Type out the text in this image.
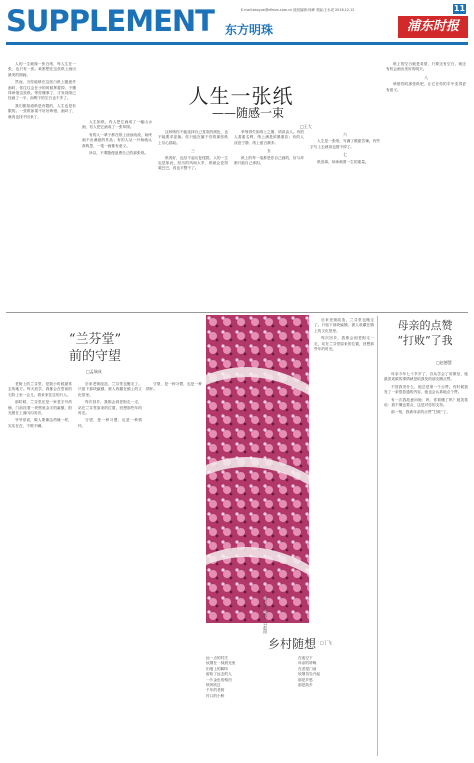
SUPPLEMENT 东方明珠
E-mail:zaoyue@dfmzx.com.cn 值班编辑:何峰 美编:王永成 2016.12.12	11
浦东时报

人的一生就像一张白纸，每人生在一张，也只有一张。谁都想在这张纸上画出最美的图画。

然而，当你能够在这张白纸上随意作画时，你往往会在小的时候挥霍掉，不懂得珍惜这张纸。等你懂事了，才发现纸已经画了一半，而剩下的空白也不多了。

我们都知道纸是有限的，人生也是有限的。一张纸如果不好好珍惜，画坏了，就再也找不回来了。

人生如纸，有人把它画成了一幅山水画，有人把它画成了一张草图。

有的人一辈子都在纸上涂涂改改，始终画不出满意的作品；有的人从一开始就认真构思，一笔一画都有意义。

所以，不要随便浪费自己的那张纸。

这种纸你不能选择自己喜欢的颜色，也不能要求更换。你只能在属于你的那张纸上尽心描绘。

三

纸再好，也经不起反复揉搓。人的一生也是如此，经历的风雨太多，纸就会变得皱巴巴，再也平整不了。

人生一张纸
——随感一束
□王大

荣辱得失如纸上之墨，浓淡由人。有的人看重名利，纸上满是浓墨重彩；有的人淡泊宁静，纸上留白颇多。

五

纸上的每一笔都是你自己画的，好与坏都只能自己承担。

六

人生是一张纸，写满了酸甜苦辣。有些字写上去就再也擦不掉了。

七

纸虽薄，却承载着一生的重量。

纸上的空白就是希望，只要还有空白，就还有机会画出美好的明天。

八

珍惜你的那张纸吧，让它在你的手中变得更有意义。

“兰芬堂”
前的守望
□孟瑞成

老街上的兰芬堂，是我小时候最常去的地方。每天放学，我都会在堂前的石阶上坐一会儿，看来来往往的行人。

那时候，兰芬堂还是一家老字号药铺，门前挂着一块黑底金字的匾额，阳光照在上面闪闪发亮。

爷爷常说，做人要像这药铺一样，实实在在，不欺不瞒。

后来老街改造，兰芬堂也搬走了。只留下那块匾额，被人收藏在镇上的文化馆里。

每次回乡，我都会到老街走一走，站在兰芬堂原来的位置，回想那些年的时光。

守望，是一种习惯，也是一种情怀。

守望，是一种习惯，也是一种情怀。

明日花(水彩) □赵国
乡村随想 □丁飞
远一点的村庄
炊烟在一抹晨光里
田埂上的脚印
留给了远去的人
一片金色的稻田
秋风吹过
千年的老树
村口的小桥
在夜空下
母亲的呼唤
在老屋门前
炊烟袅袅升起
那是乡愁
那是故乡

后来老街改造，兰芬堂也搬走了。只留下那块匾额，被人收藏在镇上的文化馆里。

每次回乡，我都会到老街走一走，站在兰芬堂原来的位置，回想那些年的时光。

母亲的点赞
“打败”了我
□赵德慧

母亲今年七十多岁了，自从学会了用微信，她最喜欢做的事情就是给我发的朋友圈点赞。

不管我发什么，她总是第一个点赞。有时候我发了一条很普通的内容，她也会认真地点个赞。

有一次我故意问她：妈，你看懂了吗？她笑着说：看不懂也要点，这是对你的支持。

那一刻，我被母亲的点赞“打败”了。
